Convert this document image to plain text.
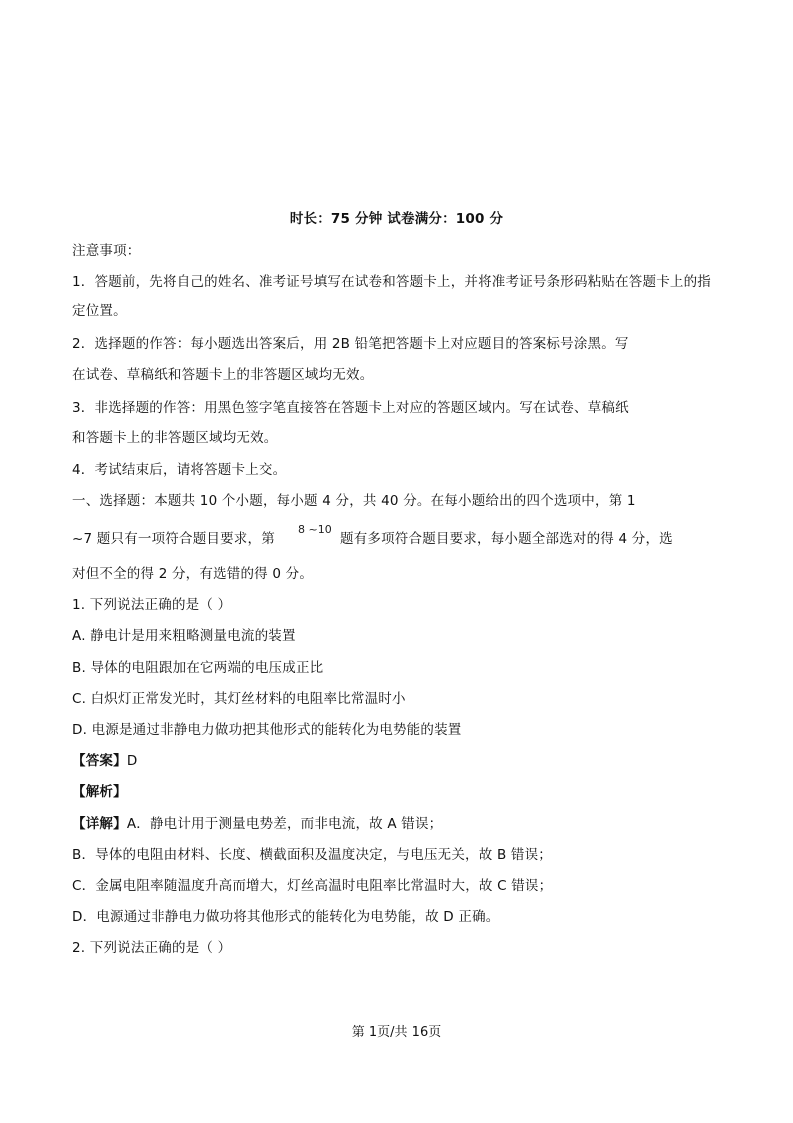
时长：75 分钟 试卷满分：100 分
注意事项：
1．答题前，先将自己的姓名、准考证号填写在试卷和答题卡上，并将准考证号条形码粘贴在答题卡上的指
定位置。
2．选择题的作答：每小题选出答案后，用 2B 铅笔把答题卡上对应题目的答案标号涂黑。写
在试卷、草稿纸和答题卡上的非答题区域均无效。
3．非选择题的作答：用黑色签字笔直接答在答题卡上对应的答题区域内。写在试卷、草稿纸
和答题卡上的非答题区域均无效。
4．考试结束后，请将答题卡上交。
一、选择题：本题共 10 个小题，每小题 4 分，共 40 分。在每小题给出的四个选项中，第 1
~7 题只有一项符合题目要求，第
8 ~10
题有多项符合题目要求，每小题全部选对的得 4 分，选
对但不全的得 2 分，有选错的得 0 分。
1. 下列说法正确的是（ ）
A. 静电计是用来粗略测量电流的装置
B. 导体的电阻跟加在它两端的电压成正比
C. 白炽灯正常发光时，其灯丝材料的电阻率比常温时小
D. 电源是通过非静电力做功把其他形式的能转化为电势能的装置
【答案】D
【解析】
【详解】A．静电计用于测量电势差，而非电流，故 A 错误；
B．导体的电阻由材料、长度、横截面积及温度决定，与电压无关，故 B 错误；
C．金属电阻率随温度升高而增大，灯丝高温时电阻率比常温时大，故 C 错误；
D．电源通过非静电力做功将其他形式的能转化为电势能，故 D 正确。
2. 下列说法正确的是（ ）
第 1页/共 16页
